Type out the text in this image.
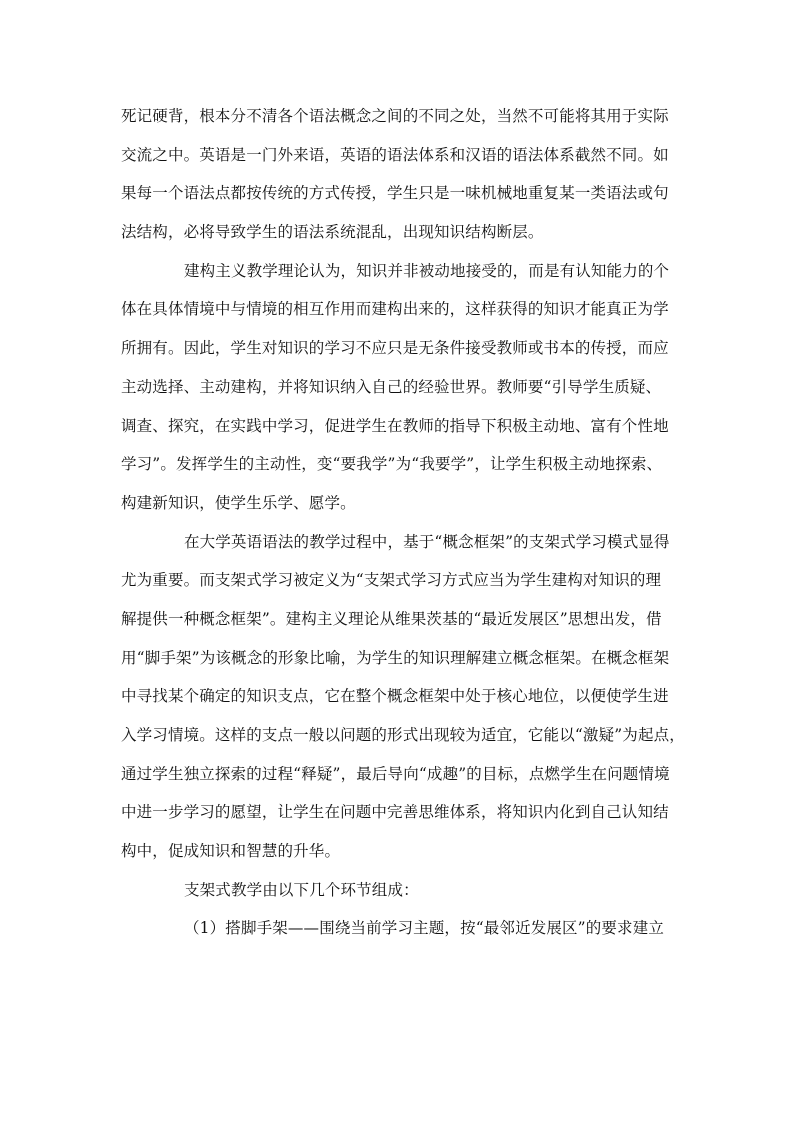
死记硬背，根本分不清各个语法概念之间的不同之处，当然不可能将其用于实际
交流之中。英语是一门外来语，英语的语法体系和汉语的语法体系截然不同。如
果每一个语法点都按传统的方式传授，学生只是一味机械地重复某一类语法或句
法结构，必将导致学生的语法系统混乱，出现知识结构断层。
建构主义教学理论认为，知识并非被动地接受的，而是有认知能力的个
体在具体情境中与情境的相互作用而建构出来的，这样获得的知识才能真正为学
所拥有。因此，学生对知识的学习不应只是无条件接受教师或书本的传授，而应
主动选择、主动建构，并将知识纳入自己的经验世界。教师要“引导学生质疑、
调查、探究，在实践中学习，促进学生在教师的指导下积极主动地、富有个性地
学习”。发挥学生的主动性，变“要我学”为“我要学”，让学生积极主动地探索、
构建新知识，使学生乐学、愿学。
在大学英语语法的教学过程中，基于“概念框架”的支架式学习模式显得
尤为重要。而支架式学习被定义为“支架式学习方式应当为学生建构对知识的理
解提供一种概念框架”。建构主义理论从维果茨基的“最近发展区”思想出发，借
用“脚手架”为该概念的形象比喻，为学生的知识理解建立概念框架。在概念框架
中寻找某个确定的知识支点，它在整个概念框架中处于核心地位，以便使学生进
入学习情境。这样的支点一般以问题的形式出现较为适宜，它能以“激疑”为起点，
通过学生独立探索的过程“释疑”，最后导向“成趣”的目标，点燃学生在问题情境
中进一步学习的愿望，让学生在问题中完善思维体系，将知识内化到自己认知结
构中，促成知识和智慧的升华。
支架式教学由以下几个环节组成：
（1）搭脚手架——围绕当前学习主题，按“最邻近发展区”的要求建立
